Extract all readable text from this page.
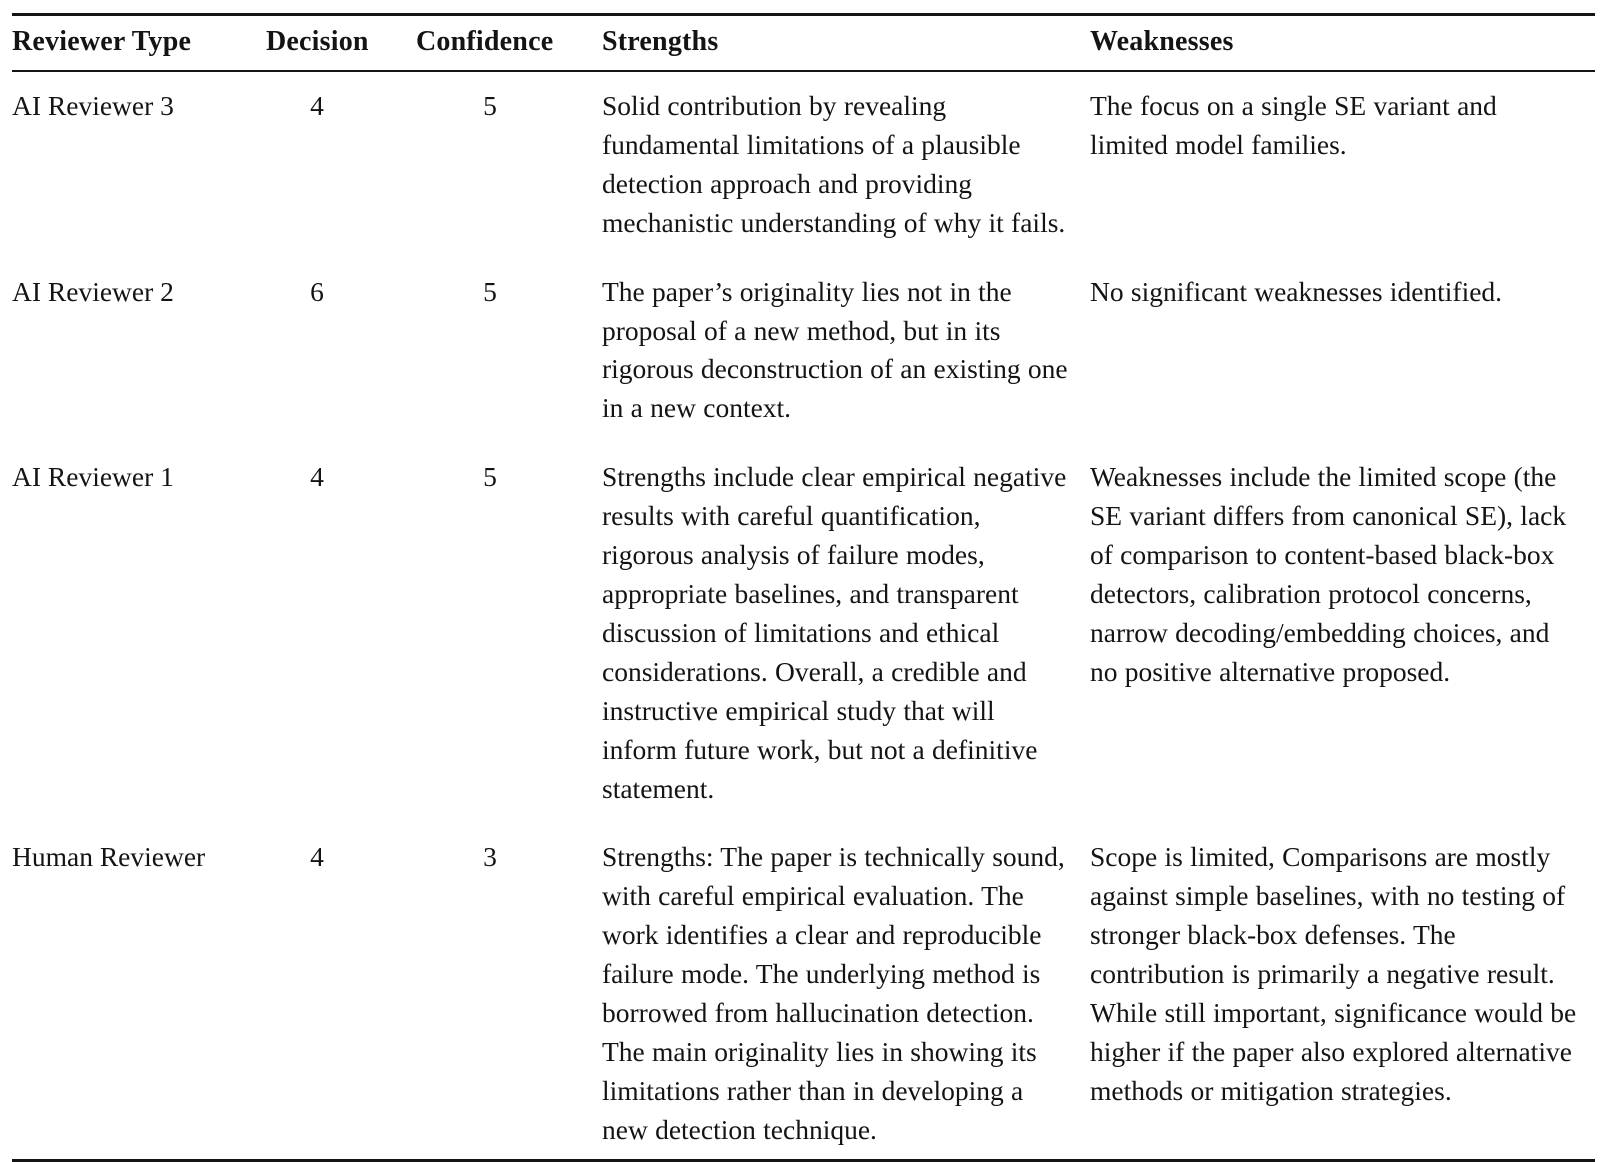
Reviewer Type	Decision	Confidence	Strengths	Weaknesses
AI Reviewer 3	4	5	Solid contribution by revealing fundamental limitations of a plausible detection approach and providing mechanistic understanding of why it fails.	The focus on a single SE variant and limited model families.
AI Reviewer 2	6	5	The paper’s originality lies not in the proposal of a new method, but in its rigorous deconstruction of an existing one in a new context.	No significant weaknesses identified.
AI Reviewer 1	4	5	Strengths include clear empirical negative results with careful quantification, rigorous analysis of failure modes, appropriate baselines, and transparent discussion of limitations and ethical considerations. Overall, a credible and instructive empirical study that will inform future work, but not a definitive statement.	Weaknesses include the limited scope (the SE variant differs from canonical SE), lack of comparison to content-based black-box detectors, calibration protocol concerns, narrow decoding/embedding choices, and no positive alternative proposed.
Human Reviewer	4	3	Strengths: The paper is technically sound, with careful empirical evaluation. The work identifies a clear and reproducible failure mode. The underlying method is borrowed from hallucination detection. The main originality lies in showing its limitations rather than in developing a new detection technique.	Scope is limited, Comparisons are mostly against simple baselines, with no testing of stronger black-box defenses. The contribution is primarily a negative result. While still important, significance would be higher if the paper also explored alternative methods or mitigation strategies.
